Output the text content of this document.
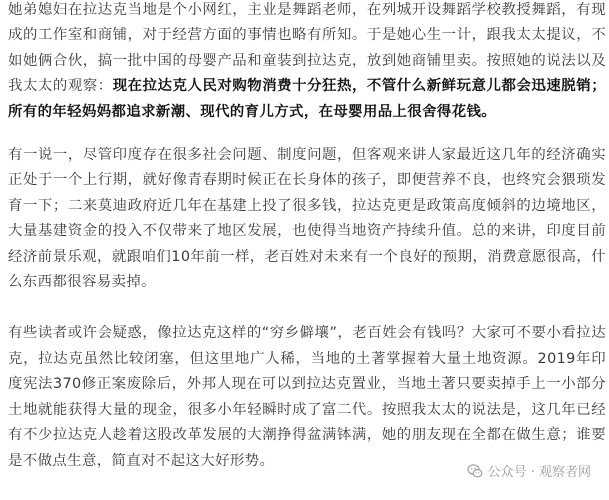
她弟媳妇在拉达克当地是个小网红，主业是舞蹈老师，在列城开设舞蹈学校教授舞蹈，有现成的工作室和商铺，对于经营方面的事情也略有所知。于是她心生一计，跟我太太提议，不如她俩合伙，搞一批中国的母婴产品和童装到拉达克，放到她商铺里卖。按照她的说法以及我太太的观察：现在拉达克人民对购物消费十分狂热，不管什么新鲜玩意儿都会迅速脱销；所有的年轻妈妈都追求新潮、现代的育儿方式，在母婴用品上很舍得花钱。

有一说一，尽管印度存在很多社会问题、制度问题，但客观来讲人家最近这几年的经济确实正处于一个上行期，就好像青春期时候正在长身体的孩子，即便营养不良，也终究会猥琐发育一下；二来莫迪政府近几年在基建上投了很多钱，拉达克更是政策高度倾斜的边境地区，大量基建资金的投入不仅带来了地区发展，也使得当地资产持续升值。总的来讲，印度目前经济前景乐观，就跟咱们10年前一样，老百姓对未来有一个良好的预期，消费意愿很高，什么东西都很容易卖掉。

有些读者或许会疑惑，像拉达克这样的“穷乡僻壤”，老百姓会有钱吗？大家可不要小看拉达克，拉达克虽然比较闭塞，但这里地广人稀，当地的土著掌握着大量土地资源。2019年印度宪法370修正案废除后，外邦人现在可以到拉达克置业，当地土著只要卖掉手上一小部分土地就能获得大量的现金，很多小年轻瞬时成了富二代。按照我太太的说法是，这几年已经有不少拉达克人趁着这股改革发展的大潮挣得盆满钵满，她的朋友现在全都在做生意；谁要是不做点生意，简直对不起这大好形势。

公众号 · 观察者网
